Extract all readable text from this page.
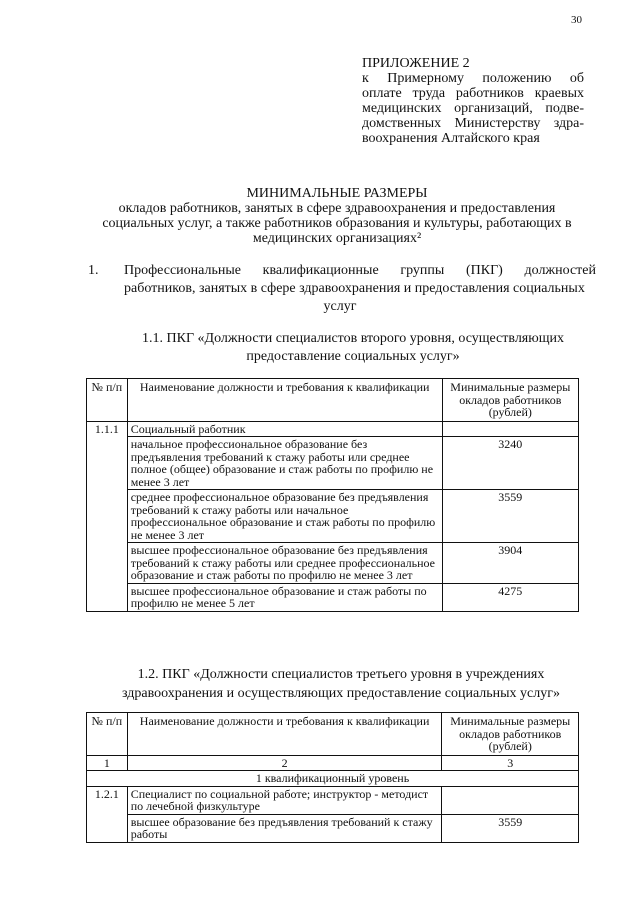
30
ПРИЛОЖЕНИЕ 2
к Примерному положению об
оплате труда работников краевых
медицинских организаций, подве-
домственных Министерству здра-
воохранения Алтайского края
МИНИМАЛЬНЫЕ РАЗМЕРЫ
окладов работников, занятых в сфере здравоохранения и предоставления социальных услуг, а также работников образования и культуры, работающих в медицинских организациях²
1.	Профессиональные квалификационные группы (ПКГ) должностей работников, занятых в сфере здравоохранения и предоставления социальных
услуг
1.1. ПКГ «Должности специалистов второго уровня, осуществляющих предоставление социальных услуг»
№ п/п	Наименование должности и требования к квалификации	Минимальные размеры окладов работников (рублей)
1.1.1	Социальный работник	
	начальное профессиональное образование без предъявления требований к стажу работы или среднее полное (общее) образование и стаж работы по профилю не менее 3 лет	3240
	среднее профессиональное образование без предъявления требований к стажу работы или начальное профессиональное образование и стаж работы по профилю не менее 3 лет	3559
	высшее профессиональное образование без предъявления требований к стажу работы или среднее профессиональное образование и стаж работы по профилю не менее 3 лет	3904
	высшее профессиональное образование и стаж работы по профилю не менее 5 лет	4275
1.2. ПКГ «Должности специалистов третьего уровня в учреждениях здравоохранения и осуществляющих предоставление социальных услуг»
№ п/п	Наименование должности и требования к квалификации	Минимальные размеры окладов работников (рублей)
1	2	3
1 квалификационный уровень		
1.2.1	Специалист по социальной работе; инструктор - методист по лечебной физкультуре	
	высшее образование без предъявления требований к стажу работы	3559
